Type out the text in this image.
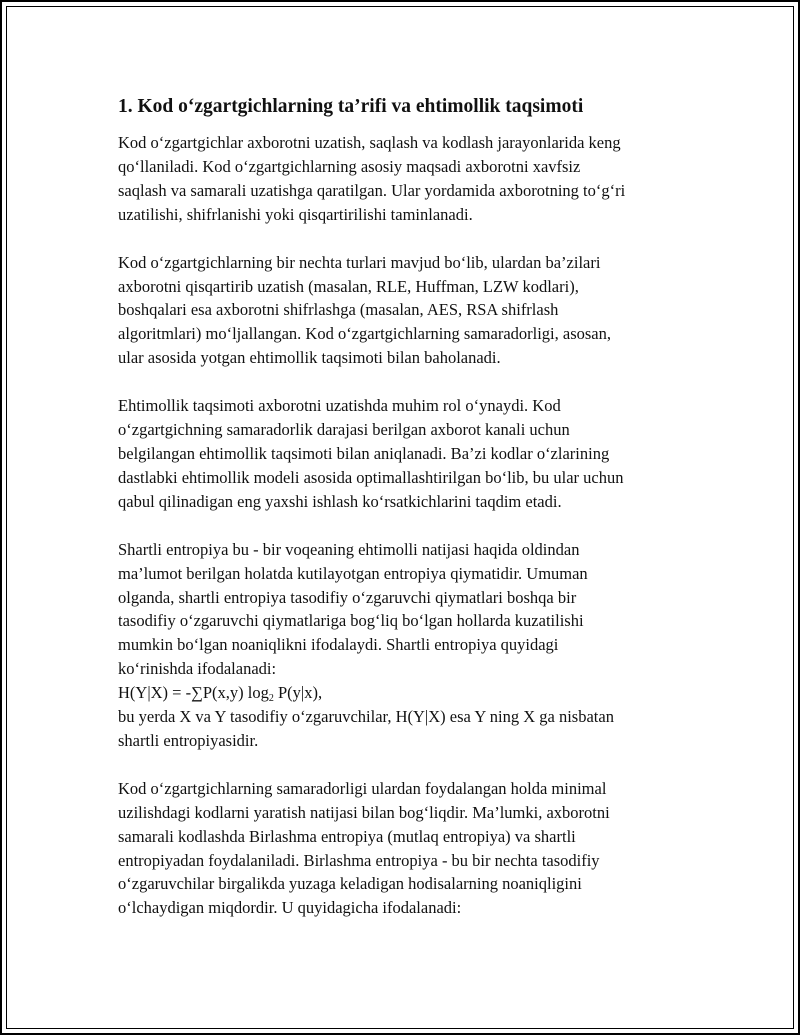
1. Kod o‘zgartgichlarning ta’rifi va ehtimollik taqsimoti

Kod o‘zgartgichlar axborotni uzatish, saqlash va kodlash jarayonlarida keng
qo‘llaniladi. Kod o‘zgartgichlarning asosiy maqsadi axborotni xavfsiz
saqlash va samarali uzatishga qaratilgan. Ular yordamida axborotning to‘g‘ri
uzatilishi, shifrlanishi yoki qisqartirilishi taminlanadi.

Kod o‘zgartgichlarning bir nechta turlari mavjud bo‘lib, ulardan ba’zilari
axborotni qisqartirib uzatish (masalan, RLE, Huffman, LZW kodlari),
boshqalari esa axborotni shifrlashga (masalan, AES, RSA shifrlash
algoritmlari) mo‘ljallangan. Kod o‘zgartgichlarning samaradorligi, asosan,
ular asosida yotgan ehtimollik taqsimoti bilan baholanadi.

Ehtimollik taqsimoti axborotni uzatishda muhim rol o‘ynaydi. Kod
o‘zgartgichning samaradorlik darajasi berilgan axborot kanali uchun
belgilangan ehtimollik taqsimoti bilan aniqlanadi. Ba’zi kodlar o‘zlarining
dastlabki ehtimollik modeli asosida optimallashtirilgan bo‘lib, bu ular uchun
qabul qilinadigan eng yaxshi ishlash ko‘rsatkichlarini taqdim etadi.

Shartli entropiya bu - bir voqeaning ehtimolli natijasi haqida oldindan
ma’lumot berilgan holatda kutilayotgan entropiya qiymatidir. Umuman
olganda, shartli entropiya tasodifiy o‘zgaruvchi qiymatlari boshqa bir
tasodifiy o‘zgaruvchi qiymatlariga bog‘liq bo‘lgan hollarda kuzatilishi
mumkin bo‘lgan noaniqlikni ifodalaydi. Shartli entropiya quyidagi
ko‘rinishda ifodalanadi:
H(Y|X) = -∑P(x,y) $\log_2 P(y|x)$,
bu yerda X va Y tasodifiy o‘zgaruvchilar, H(Y|X) esa Y ning X ga nisbatan
shartli entropiyasidir.

Kod o‘zgartgichlarning samaradorligi ulardan foydalangan holda minimal
uzilishdagi kodlarni yaratish natijasi bilan bog‘liqdir. Ma’lumki, axborotni
samarali kodlashda Birlashma entropiya (mutlaq entropiya) va shartli
entropiyadan foydalaniladi. Birlashma entropiya - bu bir nechta tasodifiy
o‘zgaruvchilar birgalikda yuzaga keladigan hodisalarning noaniqligini
o‘lchaydigan miqdordir. U quyidagicha ifodalanadi:
